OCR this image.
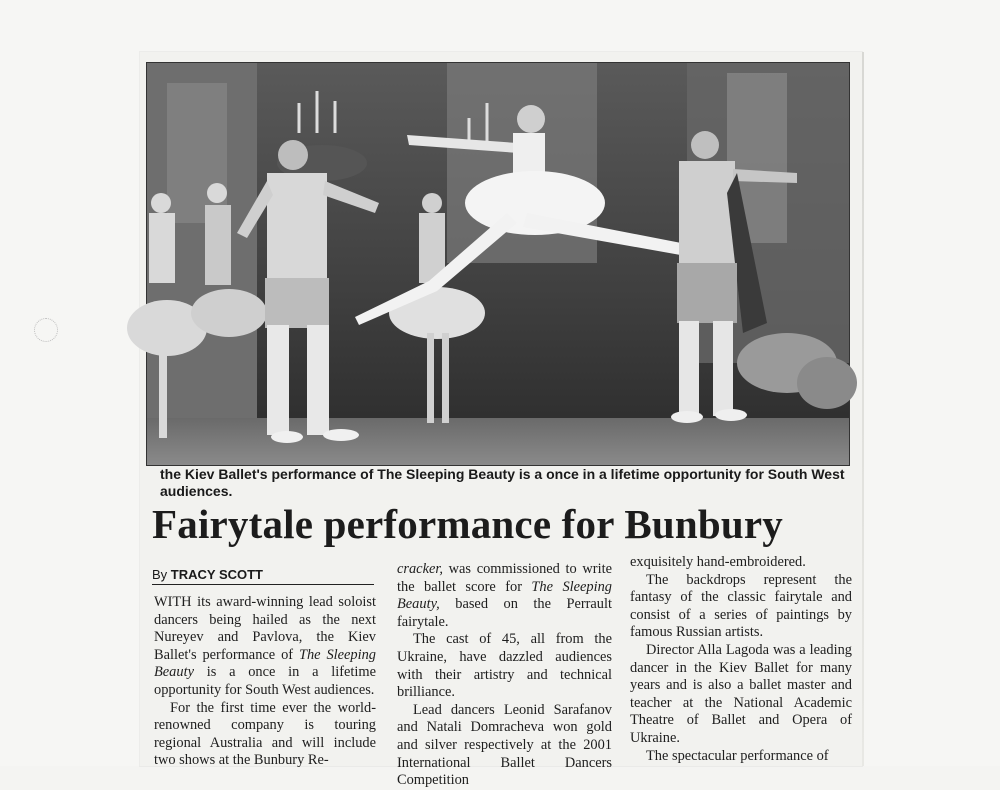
the Kiev Ballet's performance of The Sleeping Beauty is a once in a lifetime opportunity for South West audiences.
Fairytale performance for Bunbury
By TRACY SCOTT

WITH its award-winning lead soloist dancers being hailed as the next Nureyev and Pavlova, the Kiev Ballet's performance of The Sleeping Beauty is a once in a lifetime opportunity for South West audiences.

For the first time ever the world-renowned company is touring regional Australia and will include two shows at the Bunbury Re-

cracker, was commissioned to write the ballet score for The Sleeping Beauty, based on the Perrault fairytale.

The cast of 45, all from the Ukraine, have dazzled audiences with their artistry and technical brilliance.

Lead dancers Leonid Sarafanov and Natali Domracheva won gold and silver respectively at the 2001 International Ballet Dancers Competition

exquisitely hand-embroidered.

The backdrops represent the fantasy of the classic fairytale and consist of a series of paintings by famous Russian artists.

Director Alla Lagoda was a leading dancer in the Kiev Ballet for many years and is also a ballet master and teacher at the National Academic Theatre of Ballet and Opera of Ukraine.

The spectacular performance of
